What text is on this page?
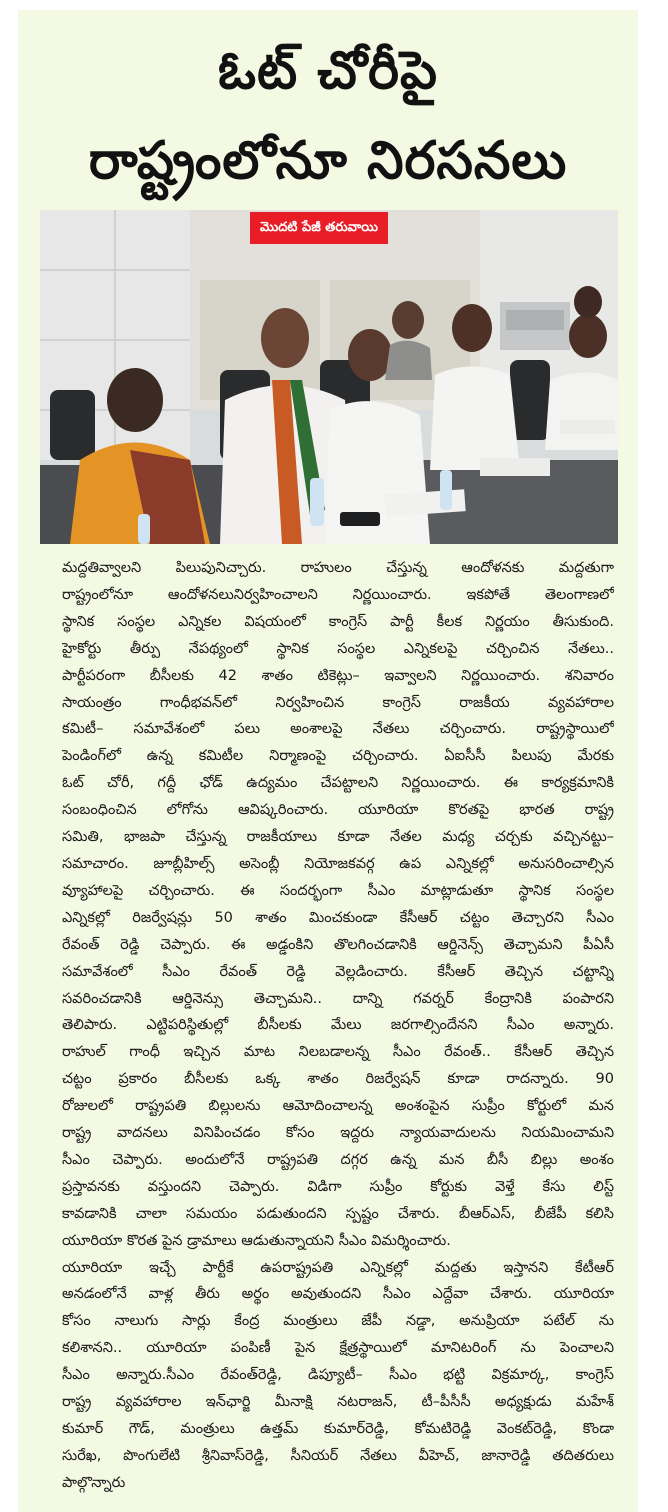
ఓట్ చోరీపై
రాష్ట్రంలోనూ నిరసనలు
మొదటి పేజీ తరువాయి
మద్దతివ్వాలని పిలుపునిచ్చారు. రాహులం చేస్తున్న ఆందోళనకు మద్దతుగా
రాష్ట్రంలోనూ ఆందోళనలునిర్వహించాలని నిర్ణయించారు. ఇకపోతే తెలంగాణలో
స్థానిక సంస్థల ఎన్నికల విషయంలో కాంగ్రెస్ పార్టీ కీలక నిర్ణయం తీసుకుంది.
హైకోర్టు తీర్పు నేపథ్యంలో స్థానిక సంస్థల ఎన్నికలపై చర్చించిన నేతలు..
పార్టీపరంగా బీసీలకు 42 శాతం టికెట్లు– ఇవ్వాలని నిర్ణయించారు. శనివారం
సాయంత్రం గాంధీభవన్‌లో నిర్వహించిన కాంగ్రెస్ రాజకీయ వ్యవహారాల
కమిటీ– సమావేశంలో పలు అంశాలపై నేతలు చర్చించారు. రాష్ట్రస్థాయిలో
పెండింగ్‌లో ఉన్న కమిటీల నిర్మాణంపై చర్చించారు. ఏఐసీసీ పిలుపు మేరకు
ఓట్ చోరీ, గద్దీ ఛోడ్ ఉద్యమం చేపట్టాలని నిర్ణయించారు. ఈ కార్యక్రమానికి
సంబంధించిన లోగోను ఆవిష్కరించారు. యూరియా కొరతపై భారత రాష్ట్ర
సమితి, భాజపా చేస్తున్న రాజకీయాలు కూడా నేతల మధ్య చర్చకు వచ్చినట్టు–
సమాచారం. జూబ్లీహిల్స్ అసెంబ్లీ నియోజకవర్గ ఉప ఎన్నికల్లో అనుసరించాల్సిన
వ్యూహాలపై చర్చించారు. ఈ సందర్భంగా సీఎం మాట్లాడుతూ స్థానిక సంస్థల
ఎన్నికల్లో రిజర్వేషన్లు 50 శాతం మించకుండా కేసీఆర్ చట్టం తెచ్చారని సీఎం
రేవంత్ రెడ్డి చెప్పారు. ఈ అడ్డంకిని తొలగించడానికి ఆర్డినెన్స్ తెచ్చామని పీఏసీ
సమావేశంలో సీఎం రేవంత్ రెడ్డి వెల్లడించారు. కేసీఆర్ తెచ్చిన చట్టాన్ని
సవరించడానికి ఆర్డినెన్సు తెచ్చామని.. దాన్ని గవర్నర్ కేంద్రానికి పంపారని
తెలిపారు. ఎట్టిపరిస్థితుల్లో బీసీలకు మేలు జరగాల్సిందేనని సీఎం అన్నారు.
రాహుల్ గాంధీ ఇచ్చిన మాట నిలబడాలన్న సీఎం రేవంత్.. కేసీఆర్ తెచ్చిన
చట్టం ప్రకారం బీసీలకు ఒక్క శాతం రిజర్వేషన్ కూడా రాదన్నారు. 90
రోజులలో రాష్ట్రపతి బిల్లులను ఆమోదించాలన్న అంశంపైన సుప్రీం కోర్టులో మన
రాష్ట్ర వాదనలు వినిపించడం కోసం ఇద్దరు న్యాయవాదులను నియమించామని
సీఎం చెప్పారు. అందులోనే రాష్ట్రపతి దగ్గర ఉన్న మన బీసీ బిల్లు అంశం
ప్రస్తావనకు వస్తుందని చెప్పారు. విడిగా సుప్రీం కోర్టుకు వెళ్తే కేసు లిస్ట్
కావడానికి చాలా సమయం పడుతుందని స్పష్టం చేశారు. బీఆర్ఎస్, బీజేపీ కలిసి
యూరియా కొరత పైన డ్రామాలు ఆడుతున్నాయని సీఎం విమర్శించారు.
యూరియా ఇచ్చే పార్టీకే ఉపరాష్ట్రపతి ఎన్నికల్లో మద్దతు ఇస్తానని కేటీఆర్
అనడంలోనే వాళ్ల తీరు అర్థం అవుతుందని సీఎం ఎద్దేవా చేశారు. యూరియా
కోసం నాలుగు సార్లు కేంద్ర మంత్రులు జేపీ నడ్డా, అనుప్రియా పటేల్ ను
కలిశానని.. యూరియా పంపిణీ పైన క్షేత్రస్థాయిలో మానిటరింగ్ ను పెంచాలని
సీఎం అన్నారు.సీఎం రేవంత్‌రెడ్డి, డిప్యూటీ– సీఎం భట్టి విక్రమార్క, కాంగ్రెస్
రాష్ట్ర వ్యవహారాల ఇన్‌ఛార్జి మీనాక్షి నటరాజన్, టీ–పీసీసీ అధ్యక్షుడు మహేశ్
కుమార్ గౌడ్, మంత్రులు ఉత్తమ్ కుమార్‌రెడ్డి, కోమటిరెడ్డి వెంకట్‌రెడ్డి, కొండా
సురేఖ, పొంగులేటి శ్రీనివాస్‌రెడ్డి, సీనియర్ నేతలు వీహెచ్, జానారెడ్డి తదితరులు
పాల్గొన్నారు
